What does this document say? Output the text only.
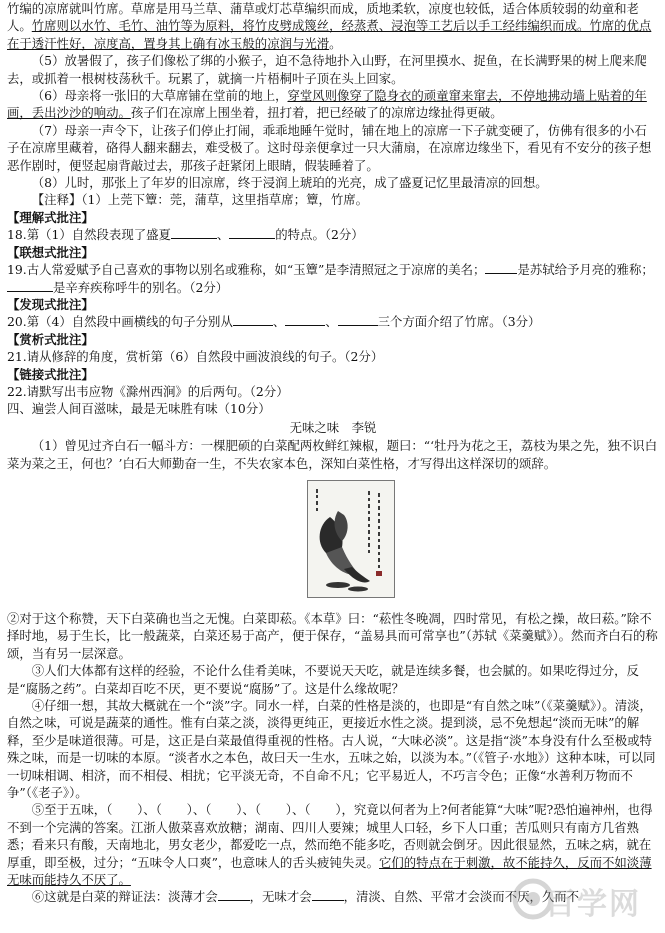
竹编的凉席就叫竹席。草席是用马兰草、蒲草或灯芯草编织而成，质地柔软，凉度也较低，适合体质较弱的幼童和老人。竹席则以水竹、毛竹、油竹等为原料，将竹皮劈成篾丝，经蒸煮、浸泡等工艺后以手工经纬编织而成。竹席的优点在于透汗性好，凉度高，置身其上确有冰玉般的凉润与光滑。

（5）放暑假了，孩子们像松了绑的小猴子，迫不急待地扑入山野，在河里摸水、捉鱼，在长满野果的树上爬来爬去，或抓着一根树枝荡秋千。玩累了，就摘一片梧桐叶子顶在头上回家。

（6）母亲将一张旧的大草席铺在堂前的地上，穿堂风则像穿了隐身衣的顽童窜来窜去，不停地拂动墙上贴着的年画，丢出沙沙的响动。孩子们在凉席上围坐着，扭打着，把已经破了的凉席边缘扯得更破。

（7）母亲一声令下，让孩子们停止打闹，乖乖地睡午觉时，铺在地上的凉席一下子就变硬了，仿佛有很多的小石子在凉席里藏着，硌得人翻来翻去，难受极了。这时母亲便拿过一只大蒲扇，在凉席边缘坐下，看见有不安分的孩子想恶作剧时，便竖起扇背敲过去，那孩子赶紧闭上眼睛，假装睡着了。

（8）儿时，那张上了年岁的旧凉席，终于浸润上琥珀的光亮，成了盛夏记忆里最清凉的回想。

【注释】（1）上莞下簟：莞，蒲草，这里指草席；簟，竹席。

【理解式批注】

18.第（1）自然段表现了盛夏	、	的特点。（2分）

【联想式批注】

19.古人常爱赋予自己喜欢的事物以别名或雅称，如“玉簟”是李清照冠之于凉席的美名；	是苏轼给予月亮的雅称；是辛弃疾称呼牛的别名。（2分）

【发现式批注】

20.第（4）自然段中画横线的句子分别从	、	、	三个方面介绍了竹席。（3分）

【赏析式批注】

21.请从修辞的角度，赏析第（6）自然段中画波浪线的句子。（2分）

【链接式批注】

22.请默写出韦应物《滁州西涧》的后两句。（2分）

四、遍尝人间百滋味，最是无味胜有味（10分）

无味之味　李锐

（1）曾见过齐白石一幅斗方：一棵肥硕的白菜配两枚鲜红辣椒，题曰：“‘牡丹为花之王，荔枝为果之先，独不识白菜为菜之王，何也？’白石大师勤奋一生，不失农家本色，深知白菜性格，才写得出这样深切的颂辞。

②对于这个称赞，天下白菜确也当之无愧。白菜即菘。《本草》曰：“菘性冬晚凋，四时常见，有松之操，故曰菘。”除不择时地，易于生长，比一般蔬菜，白菜还易于高产，便于保存，“盖易具而可常享也”（苏轼《菜羹赋》）。然而齐白石的称颂，当有另一层深意。

③人们大体都有这样的经验，不论什么佳肴美味，不要说天天吃，就是连续多餐，也会腻的。如果吃得过分，反是“腐肠之药”。白菜却百吃不厌，更不要说“腐肠”了。这是什么缘故呢？

④仔细一想，其故大概就在一个“淡”字。同水一样，白菜的性格是淡的，也即是“有自然之味”（《菜羹赋》）。清淡，自然之味，可说是蔬菜的通性。惟有白菜之淡，淡得更纯正，更接近水性之淡。提到淡，忌不免想起“淡而无味”的解释，至少是味道很薄。可是，这正是白菜最值得重视的性格。古人说，“大味必淡”。这是指“淡”本身没有什么至极或特殊之味，而是一切味的本原。“淡者水之本色，故曰天一生水，五味之始，以淡为本。”（《管子·水地》）这种本味，可以同一切味相调、相济，而不相侵、相扰；它平淡无奇，不自命不凡；它平易近人，不巧言令色；正像“水善利万物而不争”（《老子》）。

⑤至于五味，（　　）、（　　）、（　　）、（　　）、（　　），究竟以何者为上?何者能算“大味”呢?恐怕遍神州，也得不到一个完满的答案。江浙人傲菜喜欢放糖；湖南、四川人要辣；城里人口轻，乡下人口重；苦瓜则只有南方几省熟悉；看来只有酸，天南地北，男女老少，都爱吃一点，然而绝不能多吃，否则就会倒牙。因此很显然，五味之病，就在厚重，即至极，过分；“五味令人口爽”，也意味人的舌头疲钝失灵。它们的特点在于刺激，故不能持久，反而不如淡薄无味而能持久不厌了。

⑥这就是白菜的辩证法：淡薄才会	，无味才会	，清淡、自然、平常才会淡而不厌，久而不

百学网
